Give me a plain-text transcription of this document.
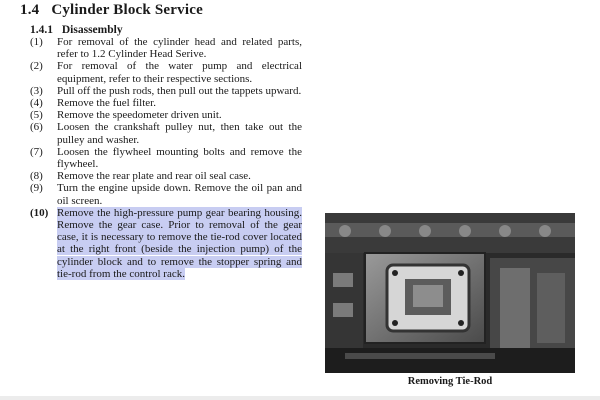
1.4 Cylinder Block Service
1.4.1 Disassembly
(1)	For removal of the cylinder head and related parts, refer to 1.2 Cylinder Head Serive.
(2)	For removal of the water pump and electrical equipment, refer to their respective sections.
(3)	Pull off the push rods, then pull out the tappets upward.
(4)	Remove the fuel filter.
(5)	Remove the speedometer driven unit.
(6)	Loosen the crankshaft pulley nut, then take out the pulley and washer.
(7)	Loosen the flywheel mounting bolts and remove the flywheel.
(8)	Remove the rear plate and rear oil seal case.
(9)	Turn the engine upside down. Remove the oil pan and oil screen.
(10) Remove the high-pressure pump gear bearing housing. Remove the gear case. Prior to removal of the gear case, it is necessary to remove the tie-rod cover located at the right front (beside the injection pump) of the cylinder block and to remove the stopper spring and tie-rod from the control rack.
Removing Tie-Rod
